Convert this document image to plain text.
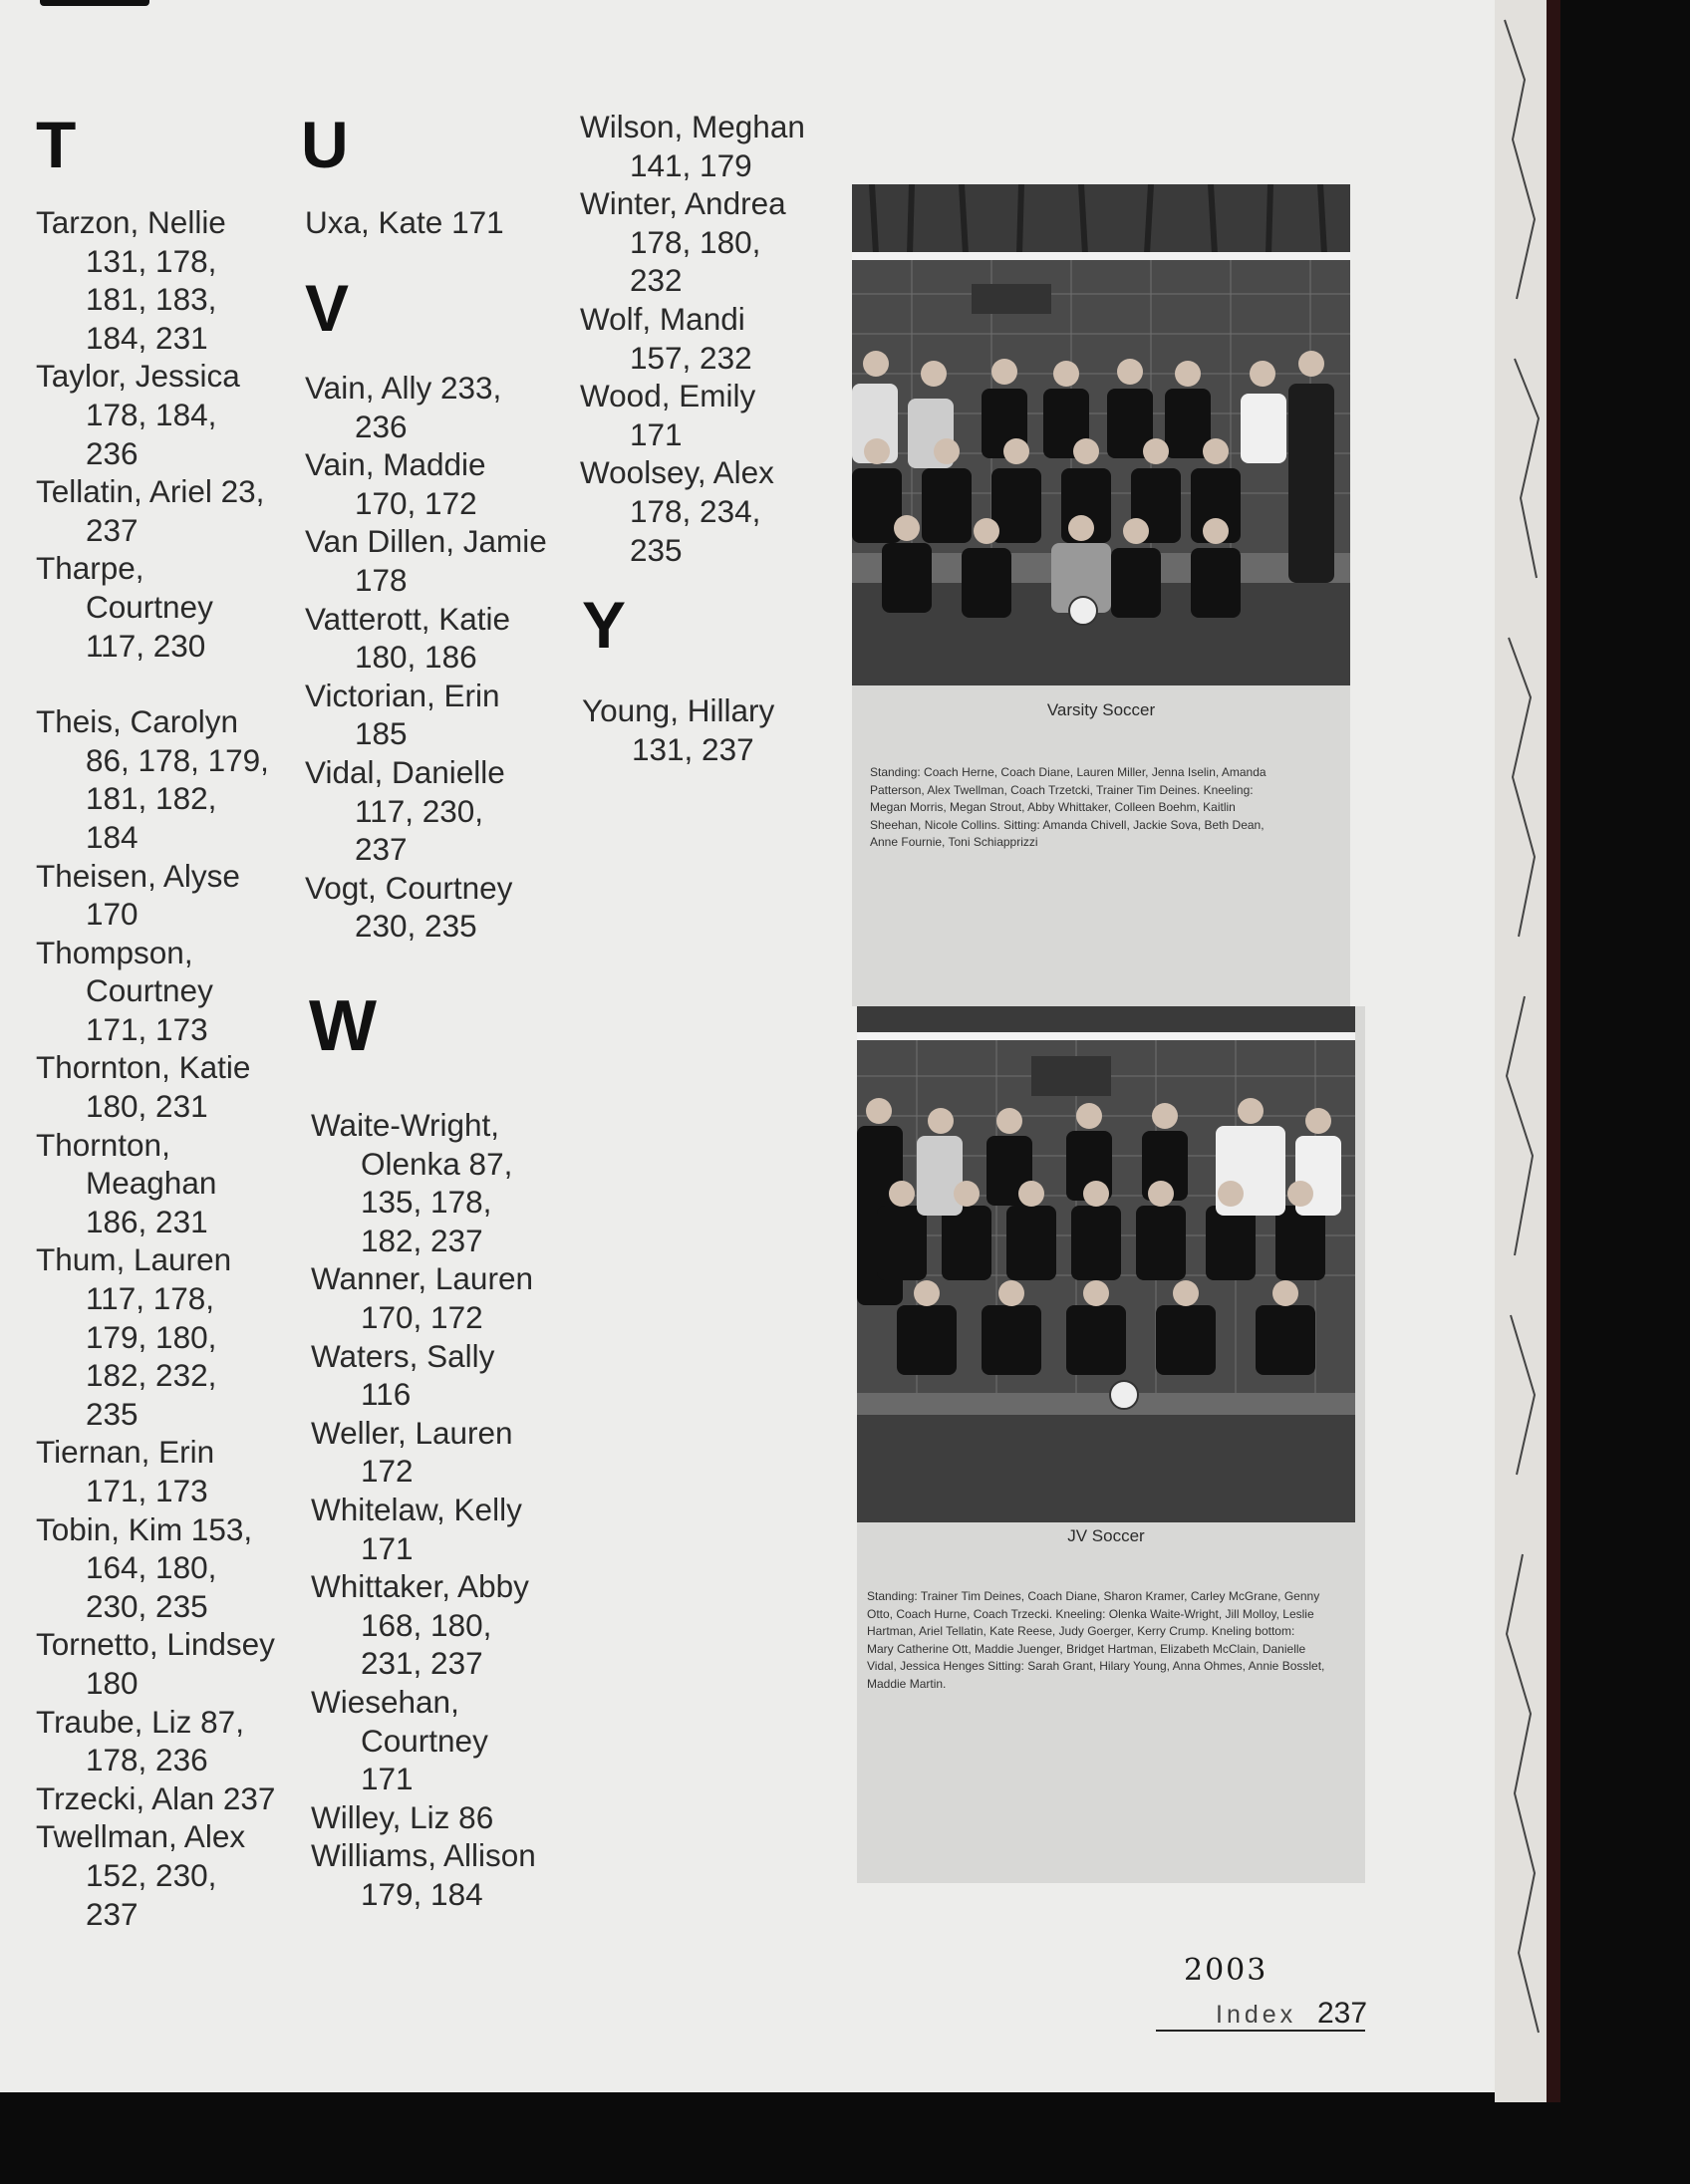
T	U
V
W
Y
Tarzon, Nellie
131, 178,
181, 183,
184, 231
Taylor, Jessica
178, 184,
236
Tellatin, Ariel 23,
237
Tharpe,
Courtney
117, 230
Theis, Carolyn
86, 178, 179,
181, 182,
184
Theisen, Alyse
170
Thompson,
Courtney
171, 173
Thornton, Katie
180, 231
Thornton,
Meaghan
186, 231
Thum, Lauren
117, 178,
179, 180,
182, 232,
235
Tiernan, Erin
171, 173
Tobin, Kim 153,
164, 180,
230, 235
Tornetto, Lindsey
180
Traube, Liz 87,
178, 236
Trzecki, Alan 237
Twellman, Alex
152, 230,
237
Uxa, Kate 171
Vain, Ally 233,
236
Vain, Maddie
170, 172
Van Dillen, Jamie
178
Vatterott, Katie
180, 186
Victorian, Erin
185
Vidal, Danielle
117, 230,
237
Vogt, Courtney
230, 235
Waite-Wright,
Olenka 87,
135, 178,
182, 237
Wanner, Lauren
170, 172
Waters, Sally
116
Weller, Lauren
172
Whitelaw, Kelly
171
Whittaker, Abby
168, 180,
231, 237
Wiesehan,
Courtney
171
Willey, Liz 86
Williams, Allison
179, 184
Wilson, Meghan
141, 179
Winter, Andrea
178, 180,
232
Wolf, Mandi
157, 232
Wood, Emily
171
Woolsey, Alex
178, 234,
235
Young, Hillary
131, 237
Varsity Soccer
Standing: Coach Herne, Coach Diane, Lauren Miller, Jenna Iselin, Amanda
Patterson, Alex Twellman, Coach Trzetcki, Trainer Tim Deines. Kneeling:
Megan Morris, Megan Strout, Abby Whittaker, Colleen Boehm, Kaitlin
Sheehan, Nicole Collins. Sitting: Amanda Chivell, Jackie Sova, Beth Dean,
Anne Fournie, Toni Schiapprizzi
JV Soccer
Standing: Trainer Tim Deines, Coach Diane, Sharon Kramer, Carley McGrane, Genny
Otto, Coach Hurne, Coach Trzecki. Kneeling: Olenka Waite-Wright, Jill Molloy, Leslie
Hartman, Ariel Tellatin, Kate Reese, Judy Goerger, Kerry Crump. Kneling bottom:
Mary Catherine Ott, Maddie Juenger, Bridget Hartman, Elizabeth McClain, Danielle
Vidal, Jessica Henges Sitting: Sarah Grant, Hilary Young, Anna Ohmes, Annie Bosslet,
Maddie Martin.
2003
Index 237
